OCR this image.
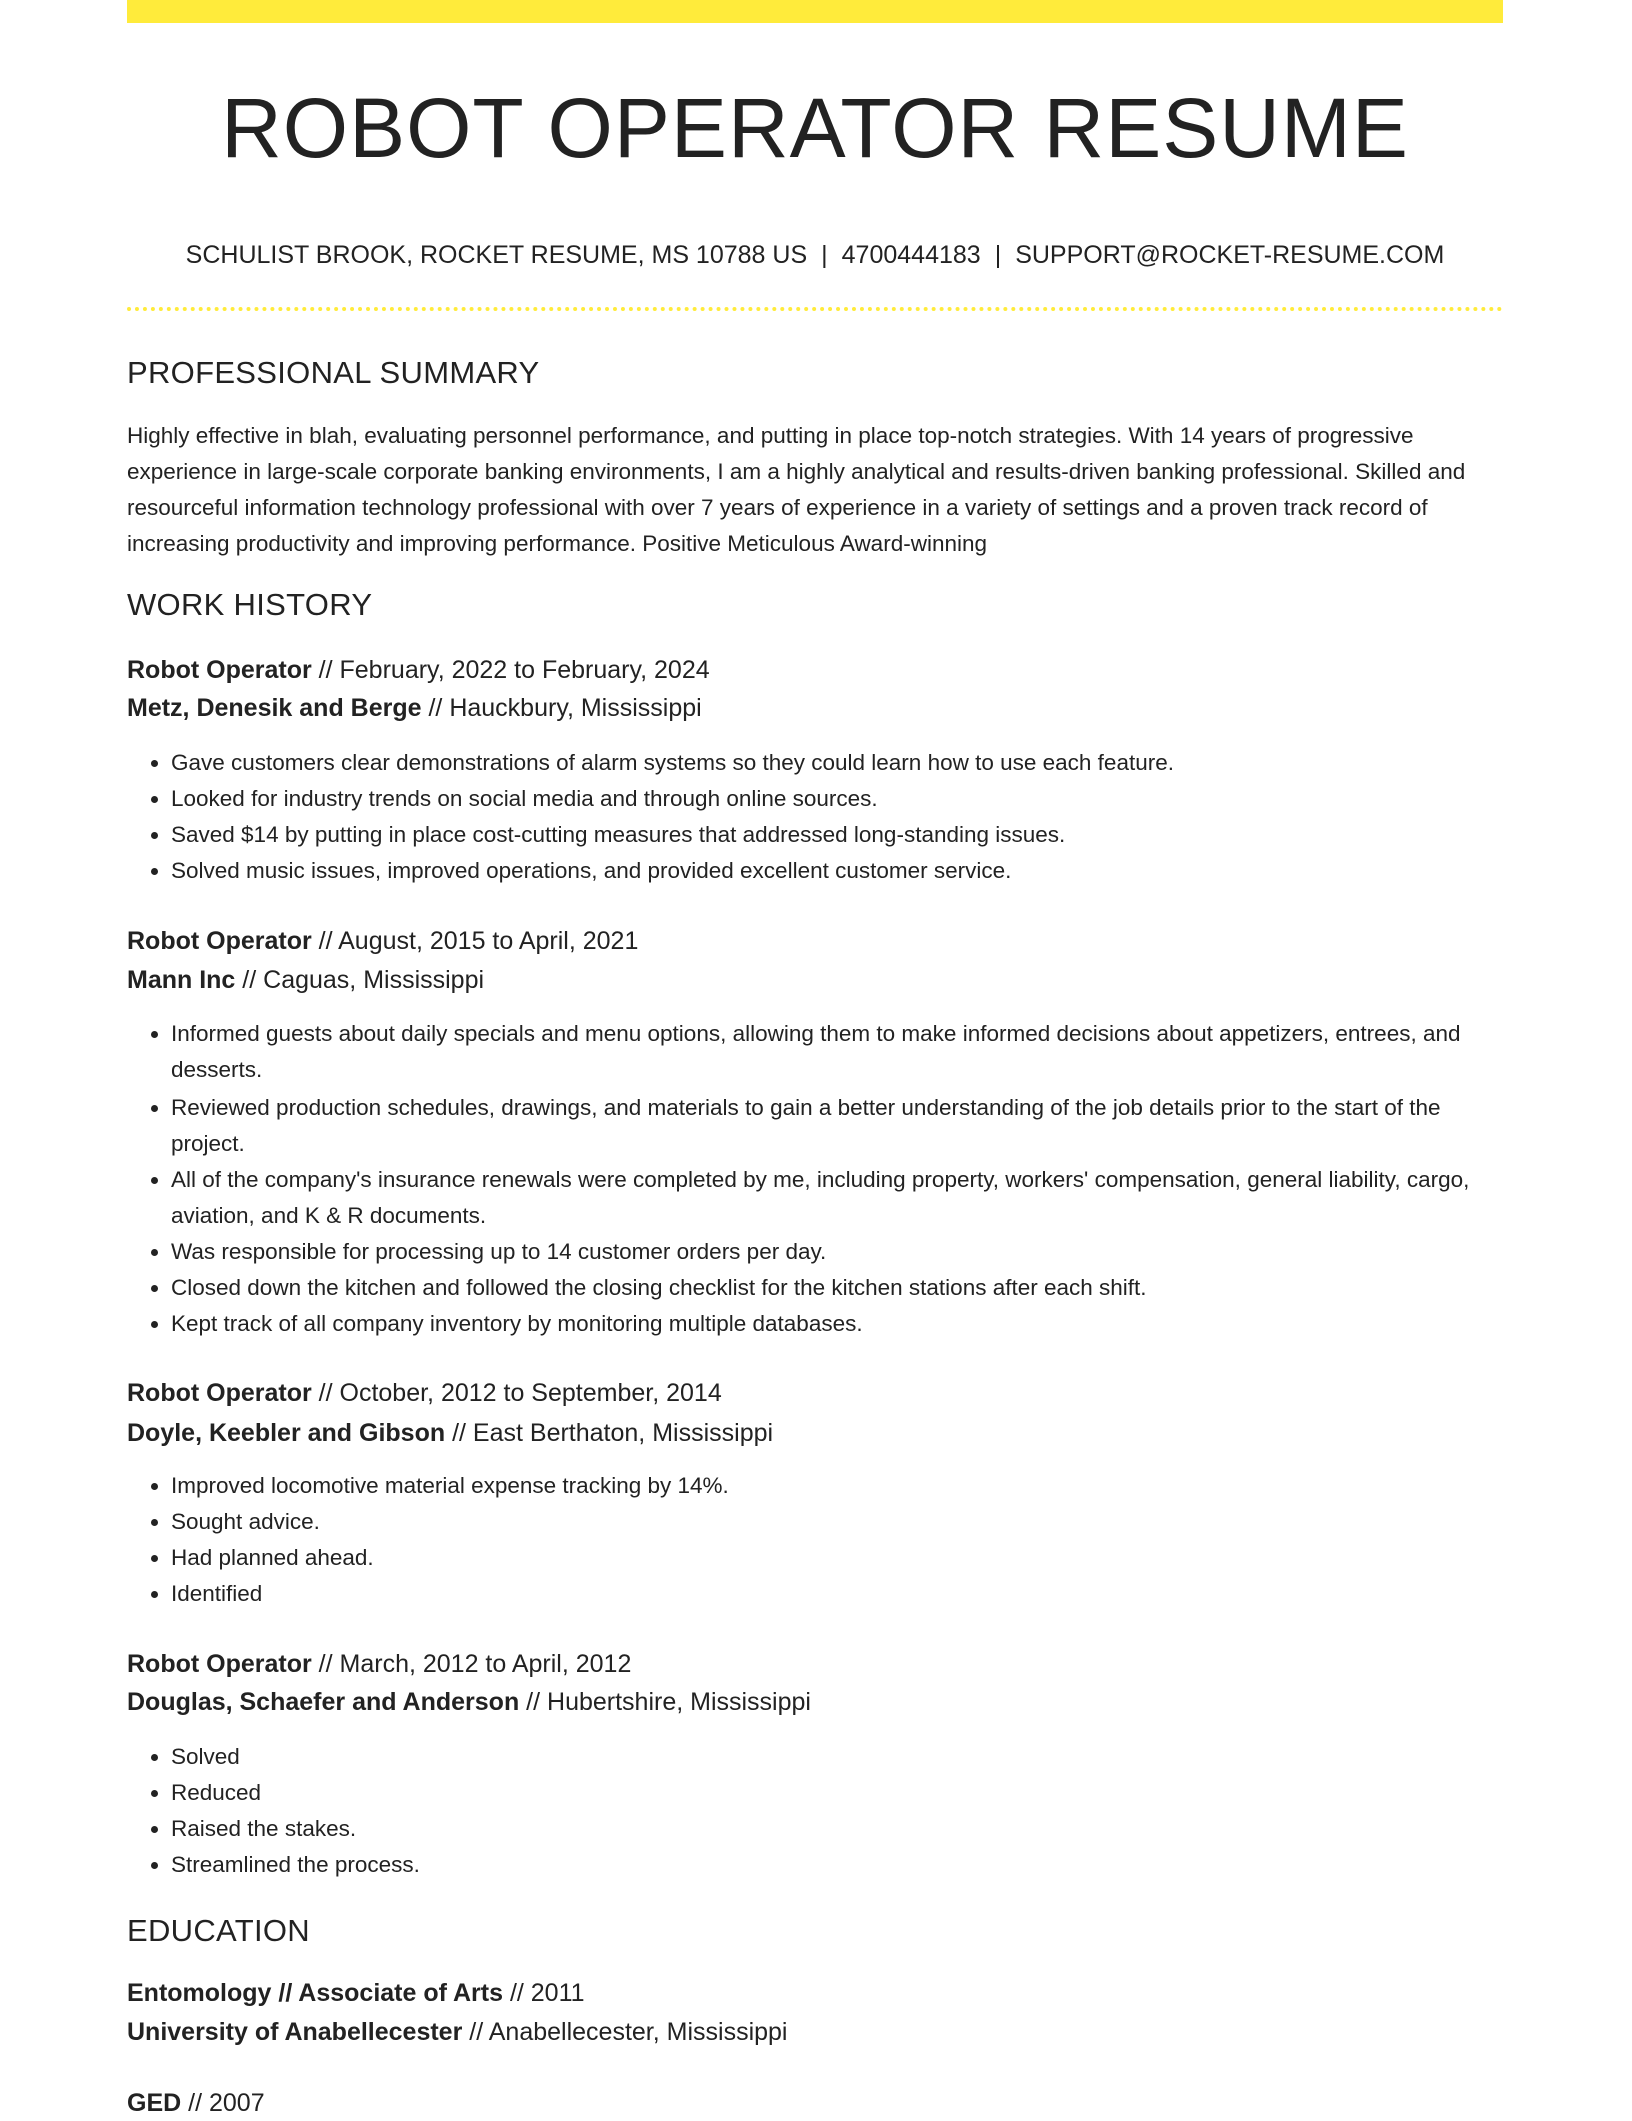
ROBOT OPERATOR RESUME
SCHULIST BROOK, ROCKET RESUME, MS 10788 US | 4700444183 | SUPPORT@ROCKET-RESUME.COM
PROFESSIONAL SUMMARY

Highly effective in blah, evaluating personnel performance, and putting in place top-notch strategies. With 14 years of progressive experience in large-scale corporate banking environments, I am a highly analytical and results-driven banking professional. Skilled and resourceful information technology professional with over 7 years of experience in a variety of settings and a proven track record of increasing productivity and improving performance. Positive Meticulous Award-winning

WORK HISTORY
Robot Operator // February, 2022 to February, 2024
Metz, Denesik and Berge // Hauckbury, Mississippi
• Gave customers clear demonstrations of alarm systems so they could learn how to use each feature.
• Looked for industry trends on social media and through online sources.
• Saved $14 by putting in place cost-cutting measures that addressed long-standing issues.
• Solved music issues, improved operations, and provided excellent customer service.
Robot Operator // August, 2015 to April, 2021
Mann Inc // Caguas, Mississippi
• Informed guests about daily specials and menu options, allowing them to make informed decisions about appetizers, entrees, and desserts.
• Reviewed production schedules, drawings, and materials to gain a better understanding of the job details prior to the start of the project.
• All of the company's insurance renewals were completed by me, including property, workers' compensation, general liability, cargo, aviation, and K & R documents.
• Was responsible for processing up to 14 customer orders per day.
• Closed down the kitchen and followed the closing checklist for the kitchen stations after each shift.
• Kept track of all company inventory by monitoring multiple databases.
Robot Operator // October, 2012 to September, 2014
Doyle, Keebler and Gibson // East Berthaton, Mississippi
• Improved locomotive material expense tracking by 14%.
• Sought advice.
• Had planned ahead.
• Identified
Robot Operator // March, 2012 to April, 2012
Douglas, Schaefer and Anderson // Hubertshire, Mississippi
• Solved
• Reduced
• Raised the stakes.
• Streamlined the process.
EDUCATION
Entomology // Associate of Arts // 2011
University of Anabellecester // Anabellecester, Mississippi
GED // 2007
